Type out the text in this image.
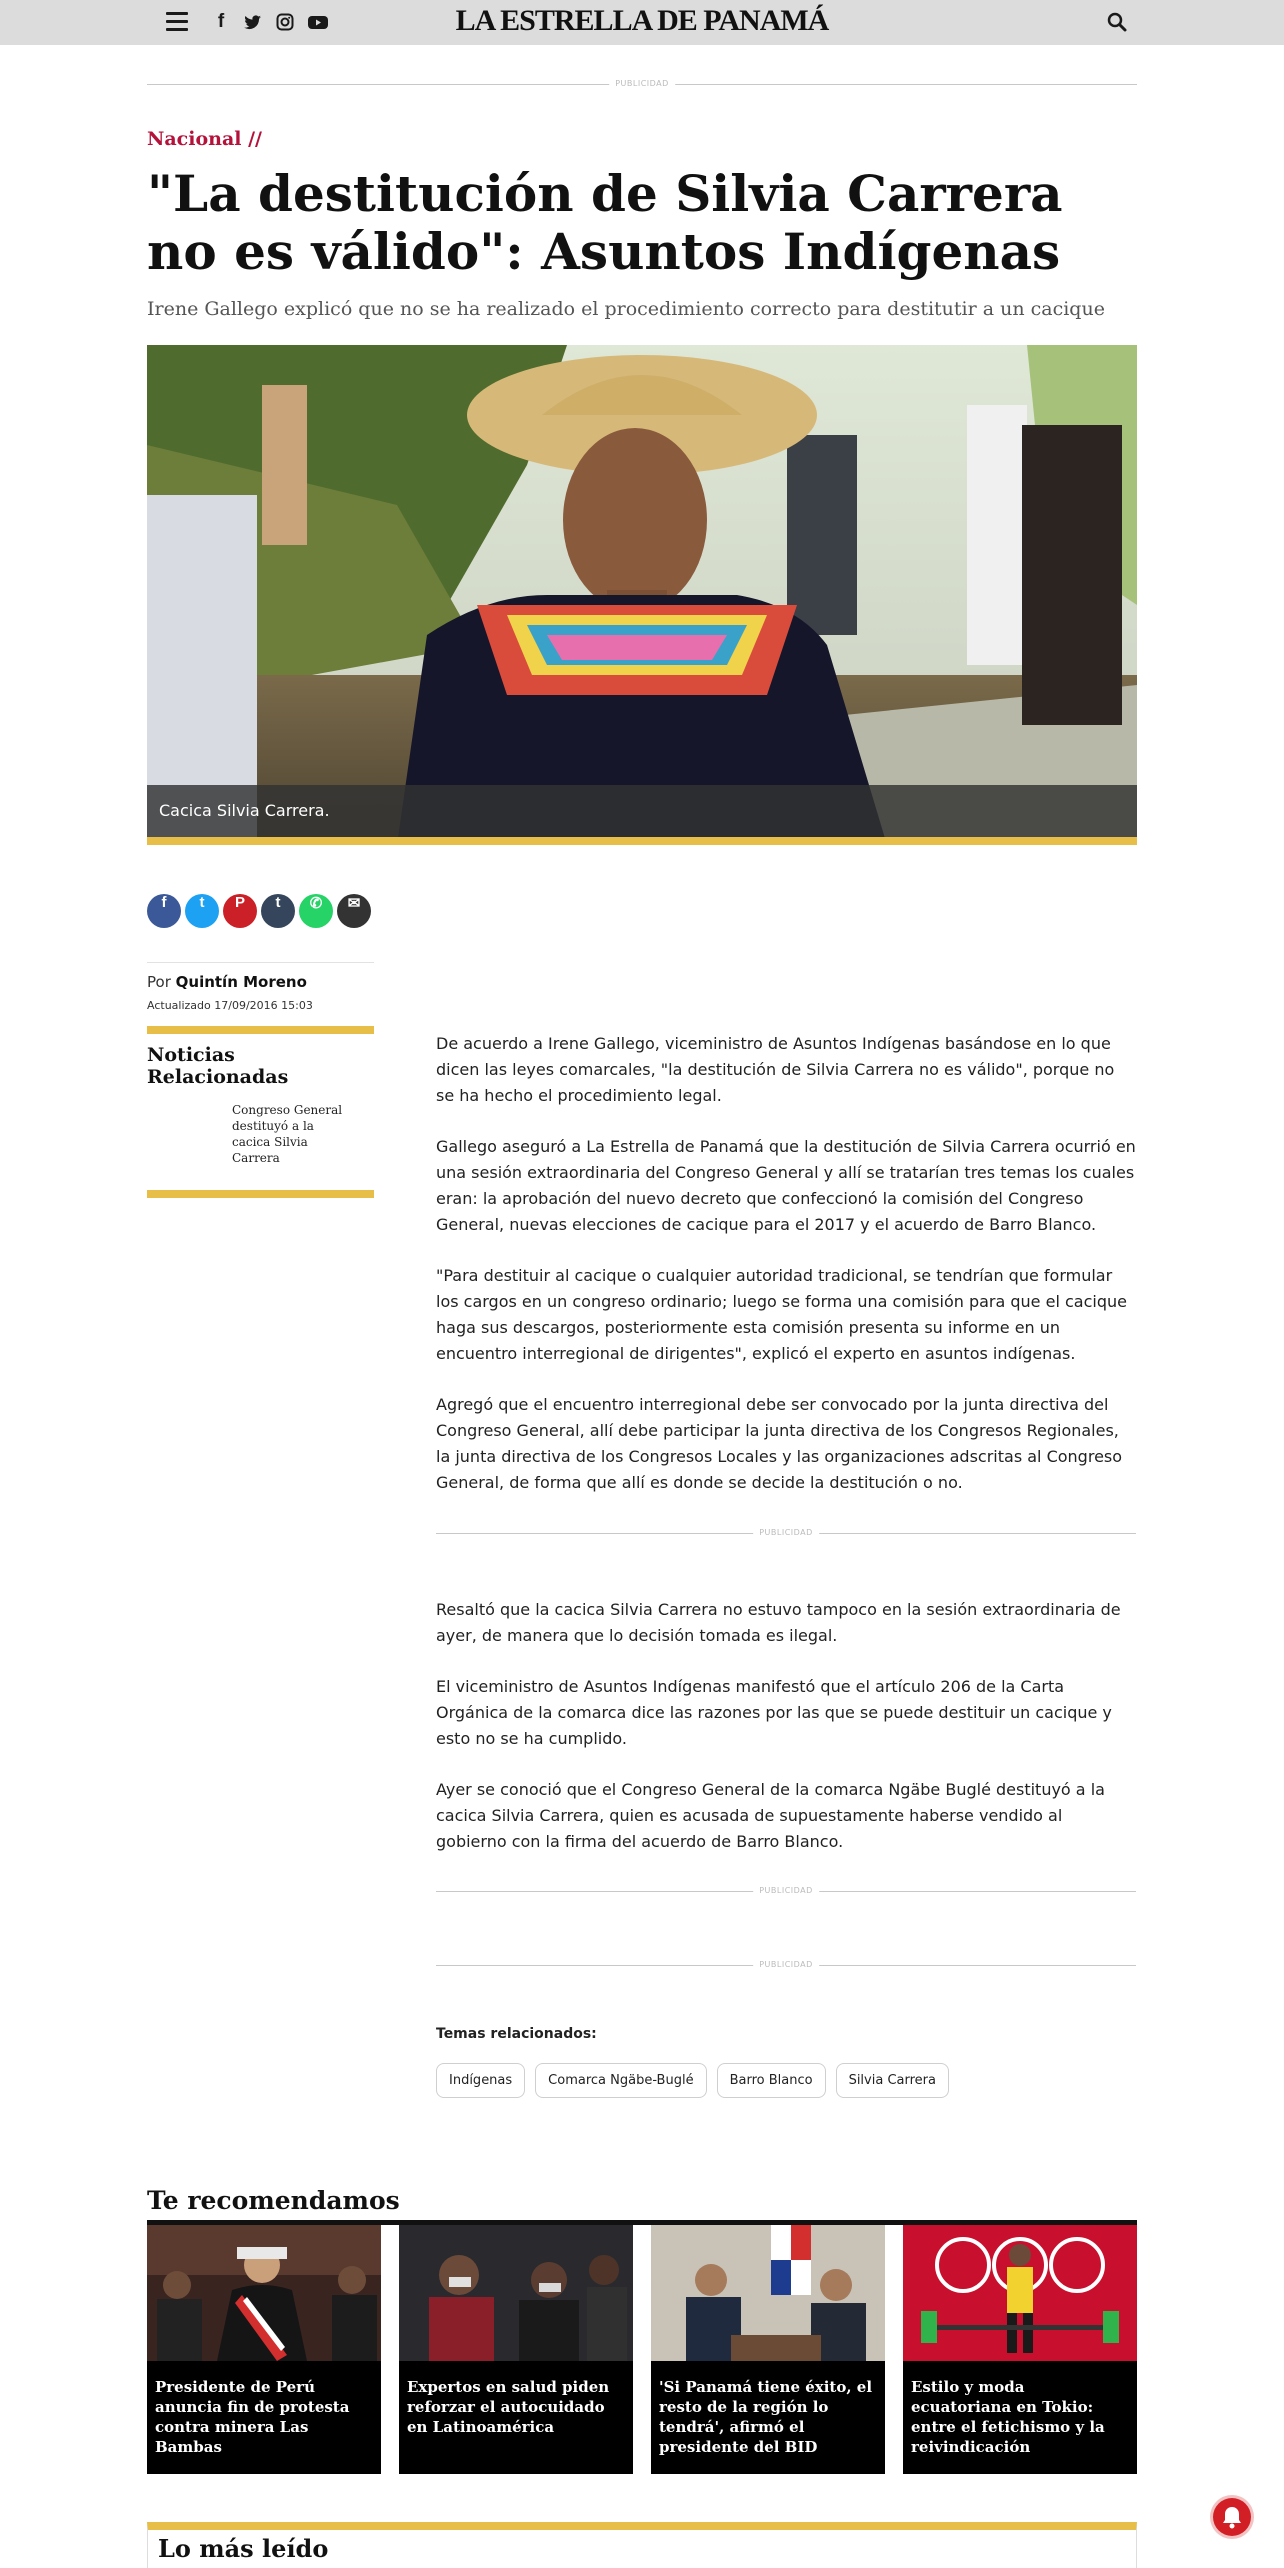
f	LA ESTRELLA DE PANAMÁ
PUBLICIDAD
Nacional //
"La destitución de Silvia Carrera no es válido": Asuntos Indígenas
Irene Gallego explicó que no se ha realizado el procedimiento correcto para destitutir a un cacique
Cacica Silvia Carrera.
f	t	P	t	✆	✉
Por Quintín Moreno
Actualizado 17/09/2016 15:03
Noticias Relacionadas
Congreso General destituyó a la cacica Silvia Carrera

De acuerdo a Irene Gallego, viceministro de Asuntos Indígenas basándose en lo que dicen las leyes comarcales, "la destitución de Silvia Carrera no es válido", porque no se ha hecho el procedimiento legal.

Gallego aseguró a La Estrella de Panamá que la destitución de Silvia Carrera ocurrió en una sesión extraordinaria del Congreso General y allí se tratarían tres temas los cuales eran: la aprobación del nuevo decreto que confeccionó la comisión del Congreso General, nuevas elecciones de cacique para el 2017 y el acuerdo de Barro Blanco.

"Para destituir al cacique o cualquier autoridad tradicional, se tendrían que formular los cargos en un congreso ordinario; luego se forma una comisión para que el cacique haga sus descargos, posteriormente esta comisión presenta su informe en un encuentro interregional de dirigentes", explicó el experto en asuntos indígenas.

Agregó que el encuentro interregional debe ser convocado por la junta directiva del Congreso General, allí debe participar la junta directiva de los Congresos Regionales, la junta directiva de los Congresos Locales y las organizaciones adscritas al Congreso General, de forma que allí es donde se decide la destitución o no.

PUBLICIDAD

Resaltó que la cacica Silvia Carrera no estuvo tampoco en la sesión extraordinaria de ayer, de manera que lo decisión tomada es ilegal.

El viceministro de Asuntos Indígenas manifestó que el artículo 206 de la Carta Orgánica de la comarca dice las razones por las que se puede destituir un cacique y esto no se ha cumplido.

Ayer se conoció que el Congreso General de la comarca Ngäbe Buglé destituyó a la cacica Silvia Carrera, quien es acusada de supuestamente haberse vendido al gobierno con la firma del acuerdo de Barro Blanco.

PUBLICIDAD
PUBLICIDAD
Temas relacionados:
Indígenas	Comarca Ngäbe-Buglé	Barro Blanco	Silvia Carrera
Te recomendamos
Presidente de Perú anuncia fin de protesta contra minera Las Bambas
Expertos en salud piden reforzar el autocuidado en Latinoamérica
'Si Panamá tiene éxito, el resto de la región lo tendrá', afirmó el presidente del BID
Estilo y moda ecuatoriana en Tokio: entre el fetichismo y la reivindicación
Lo más leído
